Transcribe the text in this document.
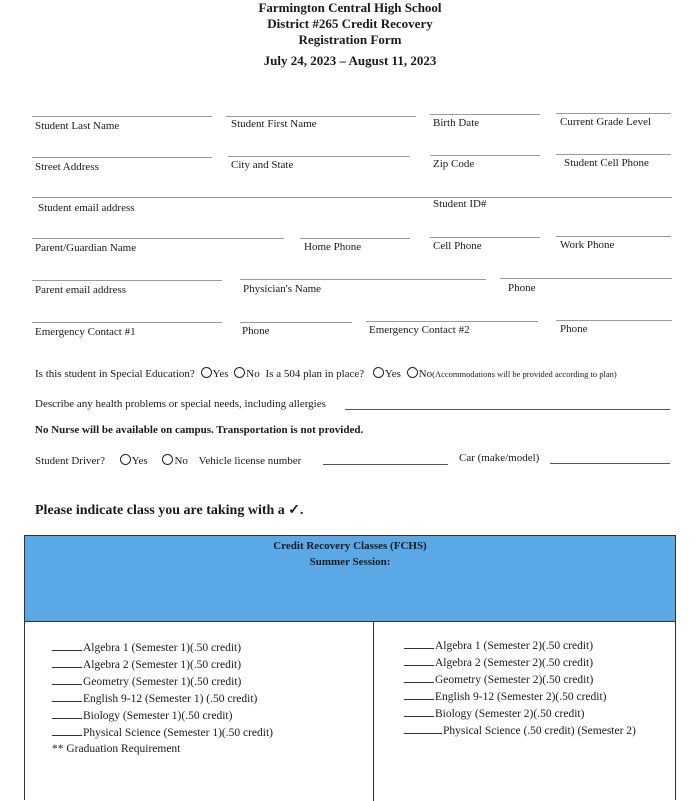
Farmington Central High School
District #265 Credit Recovery
Registration Form
July 24, 2023 – August 11, 2023
Student Last Name	Student First Name	Birth Date	Current Grade Level
Street Address	City and State	Zip Code	Student Cell Phone
Student email address	Student ID#
Parent/Guardian Name	Home Phone	Cell Phone	Work Phone
Parent email address	Physician's Name	Phone
Emergency Contact #1	Phone	Emergency Contact #2	Phone
Is this student in Special Education? Yes No Is a 504 plan in place? Yes No(Accommodations will be provided according to plan)
Describe any health problems or special needs, including allergies
No Nurse will be available on campus. Transportation is not provided.
Student Driver? Yes No Vehicle license number	Car (make/model)
Please indicate class you are taking with a ✓.
Credit Recovery Classes (FCHS)
Summer Session:
Algebra 1 (Semester 1)(.50 credit)
Algebra 2 (Semester 1)(.50 credit)
Geometry (Semester 1)(.50 credit)
English 9-12 (Semester 1) (.50 credit)
Biology (Semester 1)(.50 credit)
Physical Science (Semester 1)(.50 credit)
** Graduation Requirement
Algebra 1 (Semester 2)(.50 credit)
Algebra 2 (Semester 2)(.50 credit)
Geometry (Semester 2)(.50 credit)
English 9-12 (Semester 2)(.50 credit)
Biology (Semester 2)(.50 credit)
Physical Science (.50 credit) (Semester 2)
